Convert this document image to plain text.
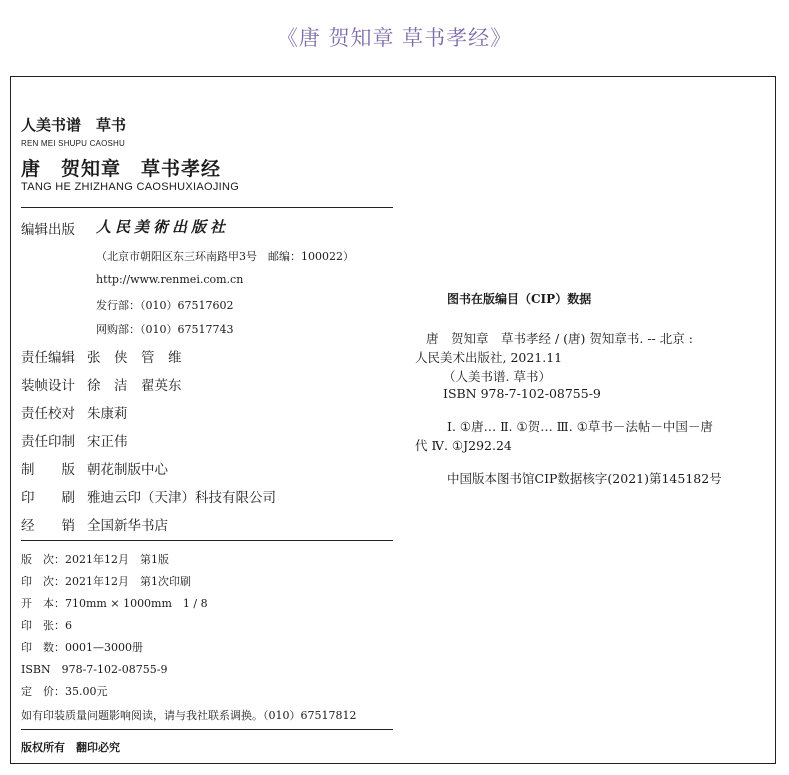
《唐 贺知章 草书孝经》
人美书谱　草书
REN MEI SHUPU CAOSHU
唐　贺知章　草书孝经
TANG HE ZHIZHANG CAOSHUXIAOJING
编辑出版 人民美術出版社
（北京市朝阳区东三环南路甲3号　邮编：100022）
http://www.renmei.com.cn
发行部：（010）67517602
网购部：（010）67517743
责任编辑 张　侠　管　维
装帧设计 徐　洁　翟英东
责任校对 朱康莉
责任印制 宋正伟
制　　版 朝花制版中心
印　　刷 雅迪云印（天津）科技有限公司
经　　销 全国新华书店
版　次：2021年12月　第1版
印　次：2021年12月　第1次印刷
开　本：710mm × 1000mm　1 / 8
印　张：6
印　数：0001—3000册
ISBN　978-7-102-08755-9
定　价：35.00元
如有印装质量问题影响阅读，请与我社联系调换。（010）67517812
版权所有　翻印必究
图书在版编目（CIP）数据
唐　贺知章　草书孝经 / (唐) 贺知章书. -- 北京 :
人民美术出版社, 2021.11
（人美书谱. 草书）
ISBN 978-7-102-08755-9
Ⅰ. ①唐… Ⅱ. ①贺… Ⅲ. ①草书－法帖－中国－唐
代 Ⅳ. ①J292.24
中国版本图书馆CIP数据核字(2021)第145182号
